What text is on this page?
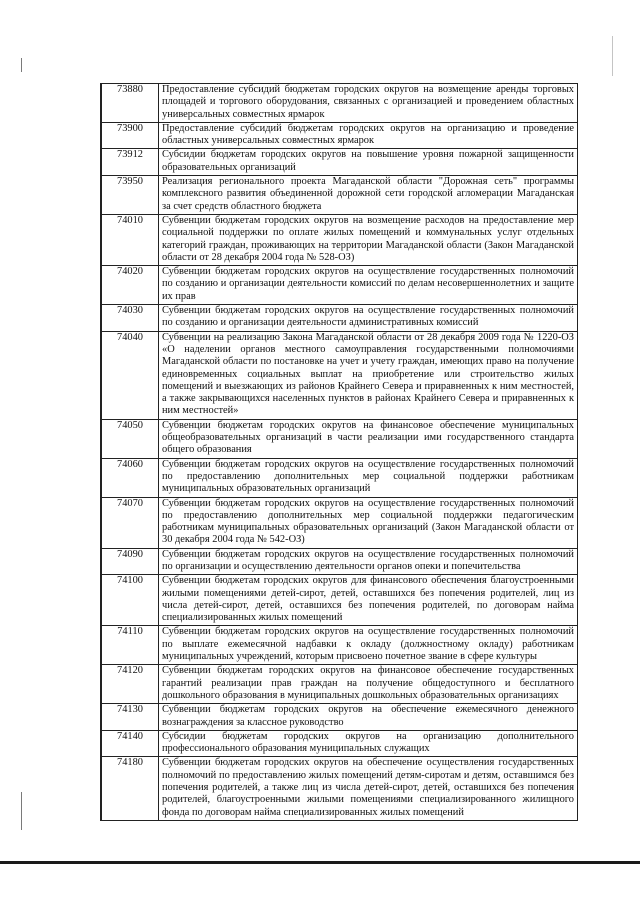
73880	Предоставление субсидий бюджетам городских округов на возмещение аренды торговых площадей и торгового оборудования, связанных с организацией и проведением областных универсальных совместных ярмарок
73900	Предоставление субсидий бюджетам городских округов на организацию и проведение областных универсальных совместных ярмарок
73912	Субсидии бюджетам городских округов на повышение уровня пожарной защищенности образовательных организаций
73950	Реализация регионального проекта Магаданской области "Дорожная сеть" программы комплексного развития объединенной дорожной сети городской агломерации Магаданская за счет средств областного бюджета
74010	Субвенции бюджетам городских округов на возмещение расходов на предоставление мер социальной поддержки по оплате жилых помещений и коммунальных услуг отдельных категорий граждан, проживающих на территории Магаданской области (Закон Магаданской области от 28 декабря 2004 года № 528-ОЗ)
74020	Субвенции бюджетам городских округов на осуществление государственных полномочий по созданию и организации деятельности комиссий по делам несовершеннолетних и защите их прав
74030	Субвенции бюджетам городских округов на осуществление государственных полномочий по созданию и организации деятельности административных комиссий
74040	Субвенции на реализацию Закона Магаданской области от 28 декабря 2009 года № 1220-ОЗ «О наделении органов местного самоуправления государственными полномочиями Магаданской области по постановке на учет и учету граждан, имеющих право на получение единовременных социальных выплат на приобретение или строительство жилых помещений и выезжающих из районов Крайнего Севера и приравненных к ним местностей, а также закрывающихся населенных пунктов в районах Крайнего Севера и приравненных к ним местностей»
74050	Субвенции бюджетам городских округов на финансовое обеспечение муниципальных общеобразовательных организаций в части реализации ими государственного стандарта общего образования
74060	Субвенции бюджетам городских округов на осуществление государственных полномочий по предоставлению дополнительных мер социальной поддержки работникам муниципальных образовательных организаций
74070	Субвенции бюджетам городских округов на осуществление государственных полномочий по предоставлению дополнительных мер социальной поддержки педагогическим работникам муниципальных образовательных организаций (Закон Магаданской области от 30 декабря 2004 года № 542-ОЗ)
74090	Субвенции бюджетам городских округов на осуществление государственных полномочий по организации и осуществлению деятельности органов опеки и попечительства
74100	Субвенции бюджетам городских округов для финансового обеспечения благоустроенными жилыми помещениями детей-сирот, детей, оставшихся без попечения родителей, лиц из числа детей-сирот, детей, оставшихся без попечения родителей, по договорам найма специализированных жилых помещений
74110	Субвенции бюджетам городских округов на осуществление государственных полномочий по выплате ежемесячной надбавки к окладу (должностному окладу) работникам муниципальных учреждений, которым присвоено почетное звание в сфере культуры
74120	Субвенции бюджетам городских округов на финансовое обеспечение государственных гарантий реализации прав граждан на получение общедоступного и бесплатного дошкольного образования в муниципальных дошкольных образовательных организациях
74130	Субвенции бюджетам городских округов на обеспечение ежемесячного денежного вознаграждения за классное руководство
74140	Субсидии бюджетам городских округов на организацию дополнительного профессионального образования муниципальных служащих
74180	Субвенции бюджетам городских округов на обеспечение осуществления государственных полномочий по предоставлению жилых помещений детям-сиротам и детям, оставшимся без попечения родителей, а также лиц из числа детей-сирот, детей, оставшихся без попечения родителей, благоустроенными жилыми помещениями специализированного жилищного фонда по договорам найма специализированных жилых помещений
